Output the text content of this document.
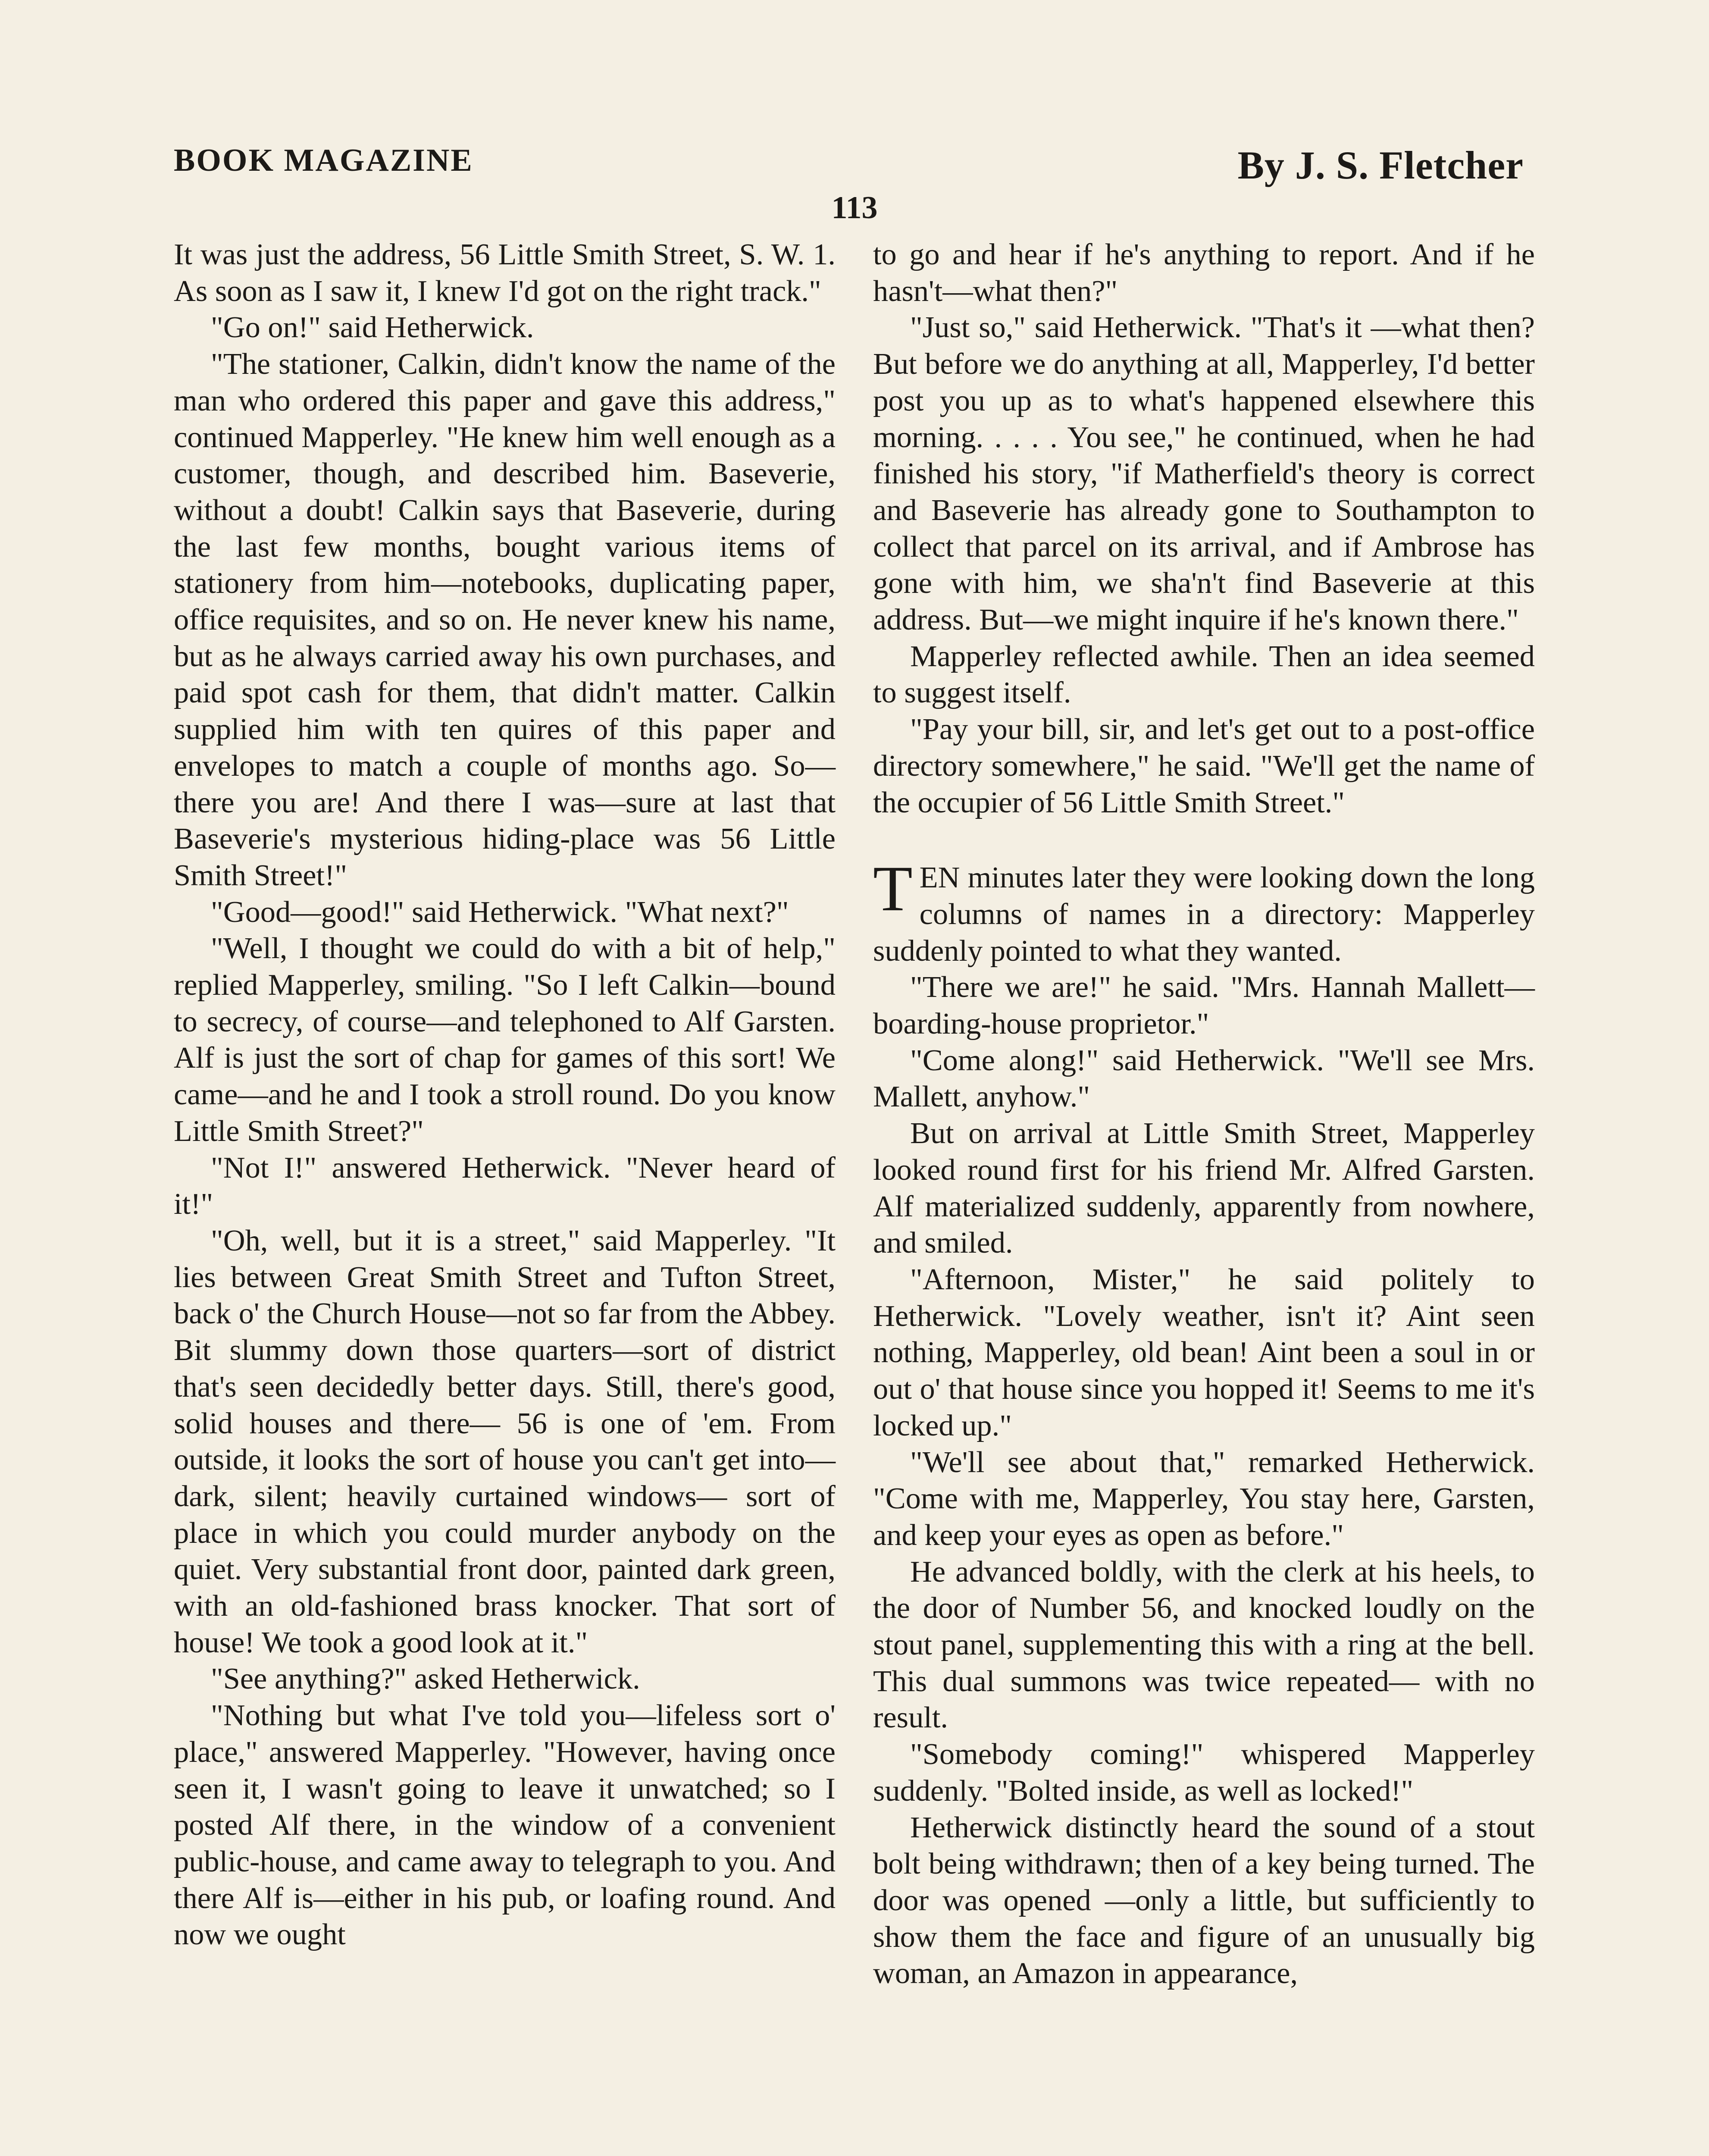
BOOK MAGAZINE	By J. S. Fletcher
113

It was just the address, 56 Little Smith Street, S. W. 1. As soon as I saw it, I knew I'd got on the right track."

"Go on!" said Hetherwick.

"The stationer, Calkin, didn't know the name of the man who ordered this paper and gave this address," continued Mapperley. "He knew him well enough as a customer, though, and described him. Baseverie, without a doubt! Calkin says that Baseverie, during the last few months, bought various items of stationery from him—notebooks, duplicating paper, office requisites, and so on. He never knew his name, but as he always carried away his own purchases, and paid spot cash for them, that didn't matter. Calkin supplied him with ten quires of this paper and envelopes to match a couple of months ago. So—there you are! And there I was—sure at last that Baseverie's mysterious hiding-place was 56 Little Smith Street!"

"Good—good!" said Hetherwick. "What next?"

"Well, I thought we could do with a bit of help," replied Mapperley, smiling. "So I left Calkin—bound to secrecy, of course—and telephoned to Alf Garsten. Alf is just the sort of chap for games of this sort! We came—and he and I took a stroll round. Do you know Little Smith Street?"

"Not I!" answered Hetherwick. "Never heard of it!"

"Oh, well, but it is a street," said Mapperley. "It lies between Great Smith Street and Tufton Street, back o' the Church House—not so far from the Abbey. Bit slummy down those quarters—sort of district that's seen decidedly better days. Still, there's good, solid houses and there— 56 is one of 'em. From outside, it looks the sort of house you can't get into— dark, silent; heavily curtained windows— sort of place in which you could murder anybody on the quiet. Very substantial front door, painted dark green, with an old-fashioned brass knocker. That sort of house! We took a good look at it."

"See anything?" asked Hetherwick.

"Nothing but what I've told you—lifeless sort o' place," answered Mapperley. "However, having once seen it, I wasn't going to leave it unwatched; so I posted Alf there, in the window of a convenient public-house, and came away to telegraph to you. And there Alf is—either in his pub, or loafing round. And now we ought

to go and hear if he's anything to report. And if he hasn't—what then?"

"Just so," said Hetherwick. "That's it —what then? But before we do anything at all, Mapperley, I'd better post you up as to what's happened elsewhere this morning. . . . . You see," he continued, when he had finished his story, "if Matherfield's theory is correct and Baseverie has already gone to Southampton to collect that parcel on its arrival, and if Ambrose has gone with him, we sha'n't find Baseverie at this address. But—we might inquire if he's known there."

Mapperley reflected awhile. Then an idea seemed to suggest itself.

"Pay your bill, sir, and let's get out to a post-office directory somewhere," he said. "We'll get the name of the occupier of 56 Little Smith Street."

TEN minutes later they were looking down the long columns of names in a directory: Mapperley suddenly pointed to what they wanted.

"There we are!" he said. "Mrs. Hannah Mallett—boarding-house proprietor."

"Come along!" said Hetherwick. "We'll see Mrs. Mallett, anyhow."

But on arrival at Little Smith Street, Mapperley looked round first for his friend Mr. Alfred Garsten. Alf materialized suddenly, apparently from nowhere, and smiled.

"Afternoon, Mister," he said politely to Hetherwick. "Lovely weather, isn't it? Aint seen nothing, Mapperley, old bean! Aint been a soul in or out o' that house since you hopped it! Seems to me it's locked up."

"We'll see about that," remarked Hetherwick. "Come with me, Mapperley, You stay here, Garsten, and keep your eyes as open as before."

He advanced boldly, with the clerk at his heels, to the door of Number 56, and knocked loudly on the stout panel, supplementing this with a ring at the bell. This dual summons was twice repeated— with no result.

"Somebody coming!" whispered Mapperley suddenly. "Bolted inside, as well as locked!"

Hetherwick distinctly heard the sound of a stout bolt being withdrawn; then of a key being turned. The door was opened —only a little, but sufficiently to show them the face and figure of an unusually big woman, an Amazon in appearance,
